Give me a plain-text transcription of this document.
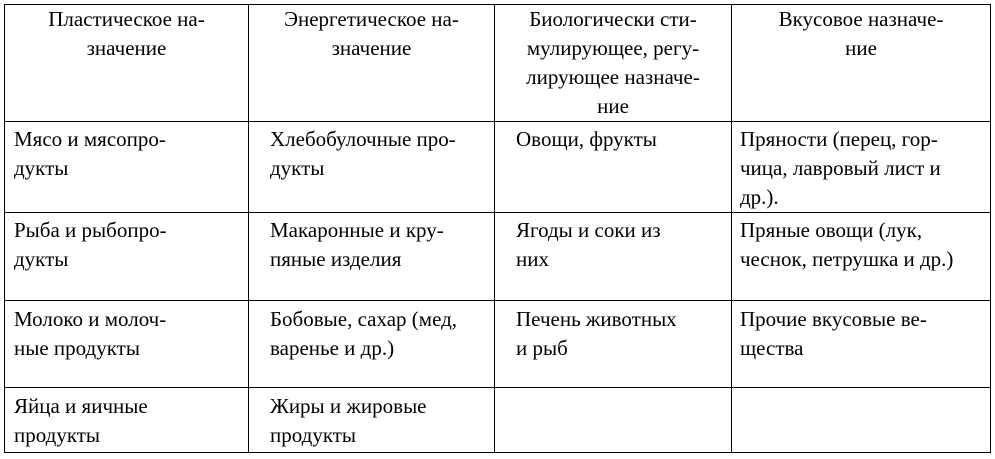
Пластическое на-
значение	Энергетическое на-
значение	Биологически сти-
мулирующее, регу-
лирующее назначе-
ние	Вкусовое назначе-
ние

Мясо и мясопро-
дукты	Хлебобулочные про-
дукты	Овощи, фрукты	Пряности (перец, гор-
чица, лавровый лист и
др.).

Рыба и рыбопро-
дукты	Макаронные и кру-
пяные изделия	Ягоды и соки из
них	Пряные овощи (лук,
чеснок, петрушка и др.)

Молоко и молоч-
ные продукты	Бобовые, сахар (мед,
варенье и др.)	Печень животных
и рыб	Прочие вкусовые ве-
щества

Яйца и яичные
продукты	Жиры и жировые
продукты		
